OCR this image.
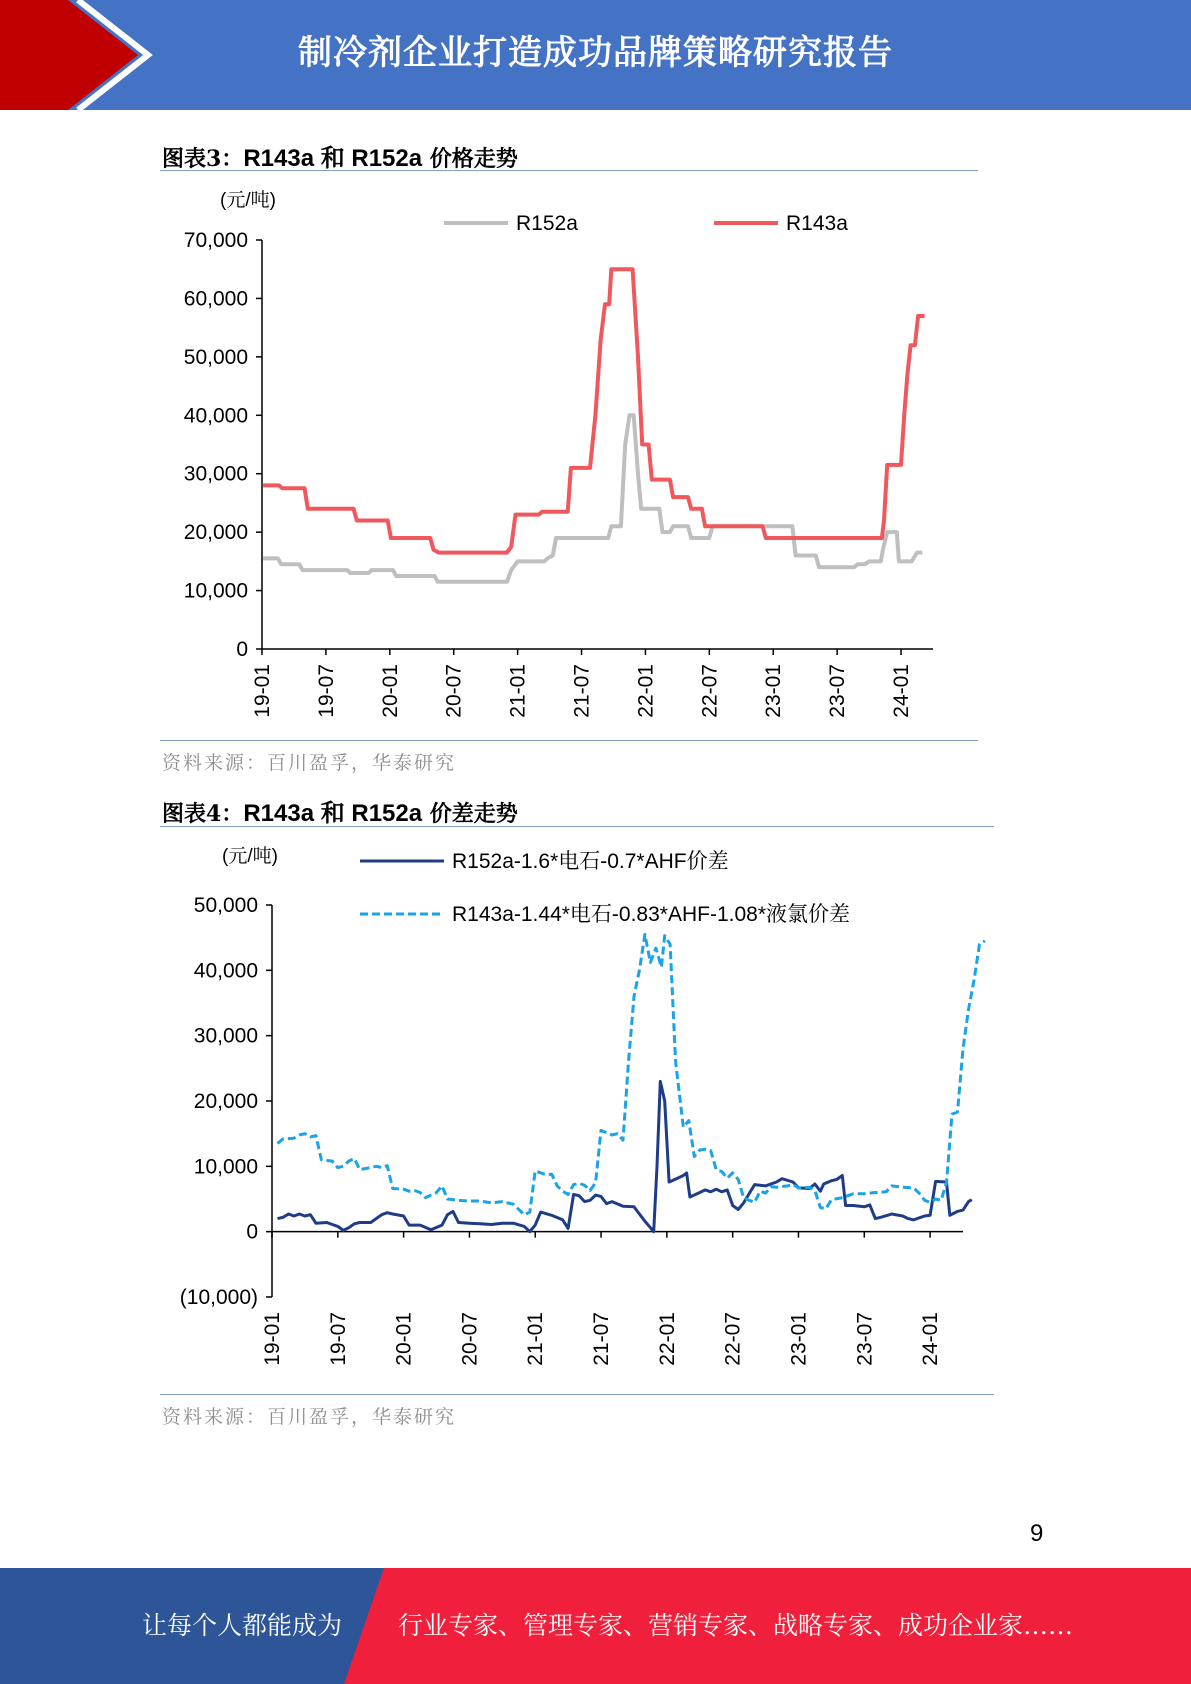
制冷剂企业打造成功品牌策略研究报告
图表3：R143a 和 R152a 价格走势
(元/吨)
0
10,000
20,000
30,000
40,000
50,000
60,000
70,000
19-01 19-07 20-01 20-07 21-01 21-07 22-01 22-07 23-01 23-07 24-01
R152a	R143a
资料来源：百川盈孚，华泰研究
图表4：R143a 和 R152a 价差走势
(元/吨)
(10,000)
0
10,000
20,000
30,000
40,000
50,000
19-01 19-07 20-01 20-07 21-01 21-07 22-01 22-07 23-01 23-07 24-01
R152a-1.6*电石-0.7*AHF价差
R143a-1.44*电石-0.83*AHF-1.08*液氯价差
资料来源：百川盈孚，华泰研究
9
让每个人都能成为 行业专家、管理专家、营销专家、战略专家、成功企业家……
